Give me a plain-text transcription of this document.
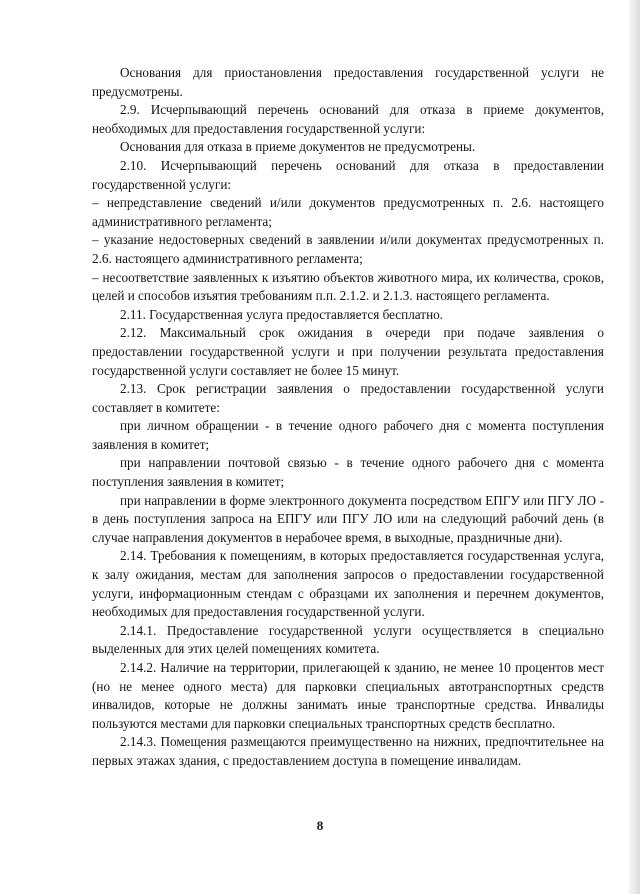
Основания для приостановления предоставления государственной услуги не предусмотрены.

2.9. Исчерпывающий перечень оснований для отказа в приеме документов, необходимых для предоставления государственной услуги:

Основания для отказа в приеме документов не предусмотрены.

2.10. Исчерпывающий перечень оснований для отказа в предоставлении государственной услуги:

– непредставление сведений и/или документов предусмотренных п. 2.6. настоящего административного регламента;

– указание недостоверных сведений в заявлении и/или документах предусмотренных п. 2.6. настоящего административного регламента;

– несоответствие заявленных к изъятию объектов животного мира, их количества, сроков, целей и способов изъятия требованиям п.п. 2.1.2. и 2.1.3. настоящего регламента.

2.11. Государственная услуга предоставляется бесплатно.

2.12. Максимальный срок ожидания в очереди при подаче заявления о предоставлении государственной услуги и при получении результата предоставления государственной услуги составляет не более 15 минут.

2.13. Срок регистрации заявления о предоставлении государственной услуги составляет в комитете:

при личном обращении - в течение одного рабочего дня с момента поступления заявления в комитет;

при направлении почтовой связью - в течение одного рабочего дня с момента поступления заявления в комитет;

при направлении в форме электронного документа посредством ЕПГУ или ПГУ ЛО - в день поступления запроса на ЕПГУ или ПГУ ЛО или на следующий рабочий день (в случае направления документов в нерабочее время, в выходные, праздничные дни).

2.14. Требования к помещениям, в которых предоставляется государственная услуга, к залу ожидания, местам для заполнения запросов о предоставлении государственной услуги, информационным стендам с образцами их заполнения и перечнем документов, необходимых для предоставления государственной услуги.

2.14.1. Предоставление государственной услуги осуществляется в специально выделенных для этих целей помещениях комитета.

2.14.2. Наличие на территории, прилегающей к зданию, не менее 10 процентов мест (но не менее одного места) для парковки специальных автотранспортных средств инвалидов, которые не должны занимать иные транспортные средства. Инвалиды пользуются местами для парковки специальных транспортных средств бесплатно.

2.14.3. Помещения размещаются преимущественно на нижних, предпочтительнее на первых этажах здания, с предоставлением доступа в помещение инвалидам.

8
